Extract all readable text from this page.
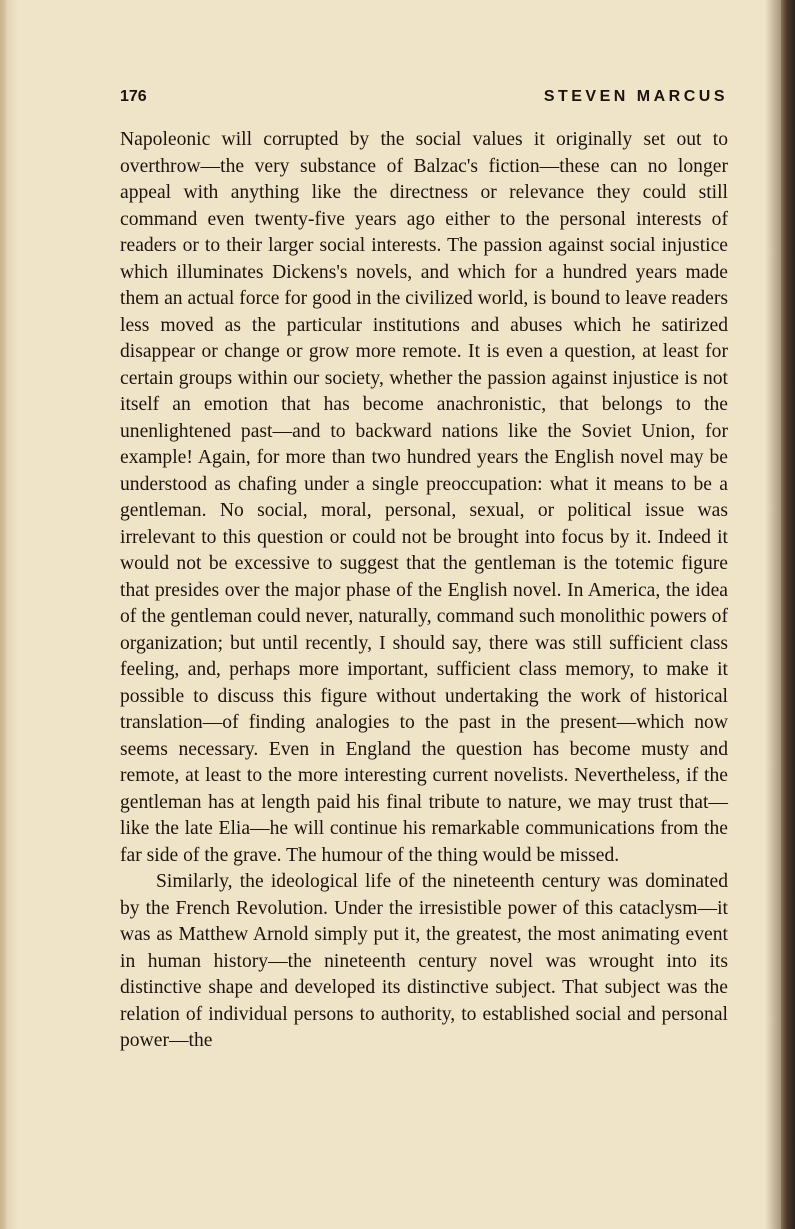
176	STEVEN MARCUS

Napoleonic will corrupted by the social values it originally set out to overthrow—the very substance of Balzac's fiction—these can no longer appeal with anything like the directness or relevance they could still command even twenty-five years ago either to the personal interests of readers or to their larger social interests. The passion against social injustice which illuminates Dickens's novels, and which for a hundred years made them an actual force for good in the civilized world, is bound to leave readers less moved as the particular institutions and abuses which he satirized disappear or change or grow more remote. It is even a question, at least for certain groups within our society, whether the passion against injustice is not itself an emotion that has become anachronistic, that belongs to the unenlightened past—and to backward nations like the Soviet Union, for example! Again, for more than two hundred years the English novel may be understood as chafing under a single preoccupation: what it means to be a gentleman. No social, moral, personal, sexual, or political issue was irrelevant to this question or could not be brought into focus by it. Indeed it would not be excessive to suggest that the gentleman is the totemic figure that presides over the major phase of the English novel. In America, the idea of the gentleman could never, naturally, command such monolithic powers of organization; but until recently, I should say, there was still sufficient class feeling, and, perhaps more important, sufficient class memory, to make it possible to discuss this figure without undertaking the work of historical translation—of finding analogies to the past in the present—which now seems necessary. Even in England the question has become musty and remote, at least to the more interesting current novelists. Nevertheless, if the gentleman has at length paid his final tribute to nature, we may trust that—like the late Elia—he will continue his remarkable communications from the far side of the grave. The humour of the thing would be missed.

Similarly, the ideological life of the nineteenth century was dominated by the French Revolution. Under the irresistible power of this cataclysm—it was as Matthew Arnold simply put it, the greatest, the most animating event in human history—the nineteenth century novel was wrought into its distinctive shape and developed its distinctive subject. That subject was the relation of individual persons to authority, to established social and personal power—the
